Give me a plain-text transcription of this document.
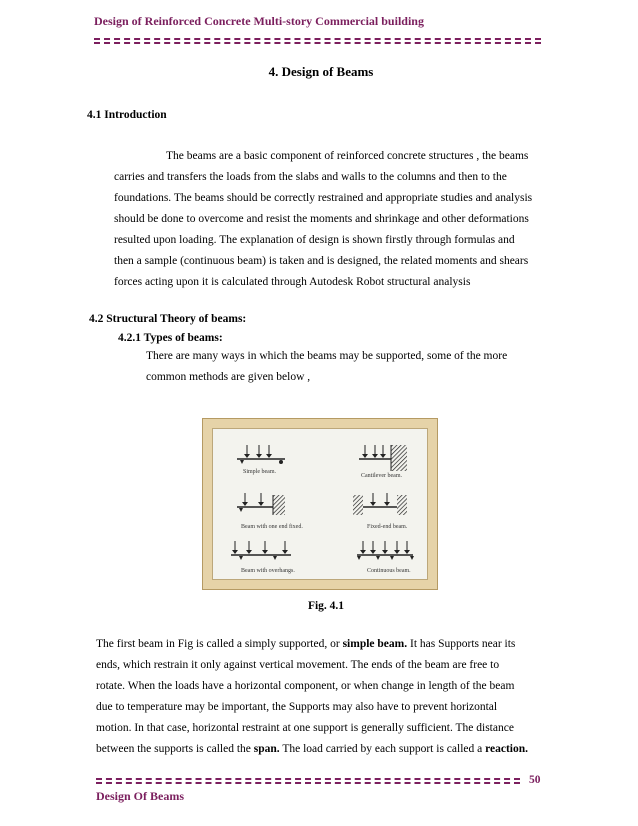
Design of Reinforced Concrete Multi-story Commercial building
4. Design of Beams
4.1 Introduction
The beams are a basic component of reinforced concrete structures , the beams
carries and transfers the loads from the slabs and walls to the columns and then to the
foundations. The beams should be correctly restrained and appropriate studies and analysis
should be done to overcome and resist the moments and shrinkage and other deformations
resulted upon loading. The explanation of design is shown firstly through formulas and
then a sample (continuous beam) is taken and is designed, the related moments and shears
forces acting upon it is calculated through Autodesk Robot structural analysis
4.2 Structural Theory of beams:
4.2.1 Types of beams:
There are many ways in which the beams may be supported, some of the more
common methods are given below ,
Simple beam.
Cantilever beam.
Beam with one end fixed.	Fixed-end beam.
Beam with overhangs.	Continuous beam.
Fig. 4.1
The first beam in Fig is called a simply supported, or simple beam. It has Supports near its
ends, which restrain it only against vertical movement. The ends of the beam are free to
rotate. When the loads have a horizontal component, or when change in length of the beam
due to temperature may be important, the Supports may also have to prevent horizontal
motion. In that case, horizontal restraint at one support is generally sufficient. The distance
between the supports is called the span. The load carried by each support is called a reaction.
50
Design Of Beams
